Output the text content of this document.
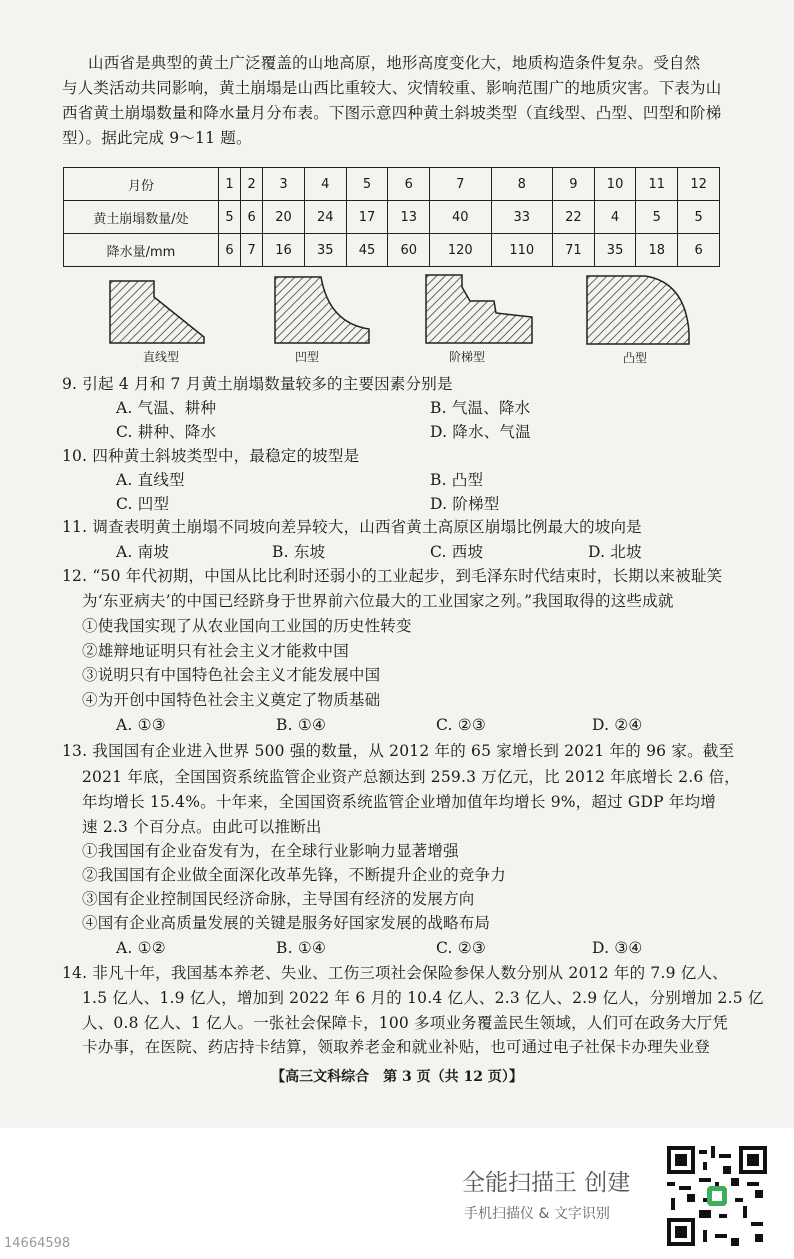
山西省是典型的黄土广泛覆盖的山地高原，地形高度变化大，地质构造条件复杂。受自然
与人类活动共同影响，黄土崩塌是山西比重较大、灾情较重、影响范围广的地质灾害。下表为山
西省黄土崩塌数量和降水量月分布表。下图示意四种黄土斜坡类型（直线型、凸型、凹型和阶梯
型）。据此完成 9～11 题。
月份	1	2	3	4	5	6	7	8	9	10	11	12
黄土崩塌数量/处	5	6	20	24	17	13	40	33	22	4	5	5
降水量/mm	6	7	16	35	45	60	120	110	71	35	18	6
直线型	凹型	阶梯型	凸型
9. 引起 4 月和 7 月黄土崩塌数量较多的主要因素分别是
A. 气温、耕种	B. 气温、降水
C. 耕种、降水	D. 降水、气温
10. 四种黄土斜坡类型中，最稳定的坡型是
A. 直线型	B. 凸型
C. 凹型	D. 阶梯型
11. 调查表明黄土崩塌不同坡向差异较大，山西省黄土高原区崩塌比例最大的坡向是
A. 南坡	B. 东坡	C. 西坡	D. 北坡
12. “50 年代初期，中国从比比利时还弱小的工业起步，到毛泽东时代结束时，长期以来被耻笑
为‘东亚病夫’的中国已经跻身于世界前六位最大的工业国家之列。”我国取得的这些成就
①使我国实现了从农业国向工业国的历史性转变
②雄辩地证明只有社会主义才能救中国
③说明只有中国特色社会主义才能发展中国
④为开创中国特色社会主义奠定了物质基础
A. ①③	B. ①④	C. ②③	D. ②④
13. 我国国有企业进入世界 500 强的数量，从 2012 年的 65 家增长到 2021 年的 96 家。截至
2021 年底，全国国资系统监管企业资产总额达到 259.3 万亿元，比 2012 年底增长 2.6 倍，
年均增长 15.4%。十年来，全国国资系统监管企业增加值年均增长 9%，超过 GDP 年均增
速 2.3 个百分点。由此可以推断出
①我国国有企业奋发有为，在全球行业影响力显著增强
②我国国有企业做全面深化改革先锋，不断提升企业的竞争力
③国有企业控制国民经济命脉，主导国有经济的发展方向
④国有企业高质量发展的关键是服务好国家发展的战略布局
A. ①②	B. ①④	C. ②③	D. ③④
14. 非凡十年，我国基本养老、失业、工伤三项社会保险参保人数分别从 2012 年的 7.9 亿人、
1.5 亿人、1.9 亿人，增加到 2022 年 6 月的 10.4 亿人、2.3 亿人、2.9 亿人，分别增加 2.5 亿
人、0.8 亿人、1 亿人。一张社会保障卡，100 多项业务覆盖民生领域，人们可在政务大厅凭
卡办事，在医院、药店持卡结算，领取养老金和就业补贴，也可通过电子社保卡办理失业登
【高三文科综合　第 3 页（共 12 页）】
全能扫描王 创建
手机扫描仪 & 文字识别
14664598
